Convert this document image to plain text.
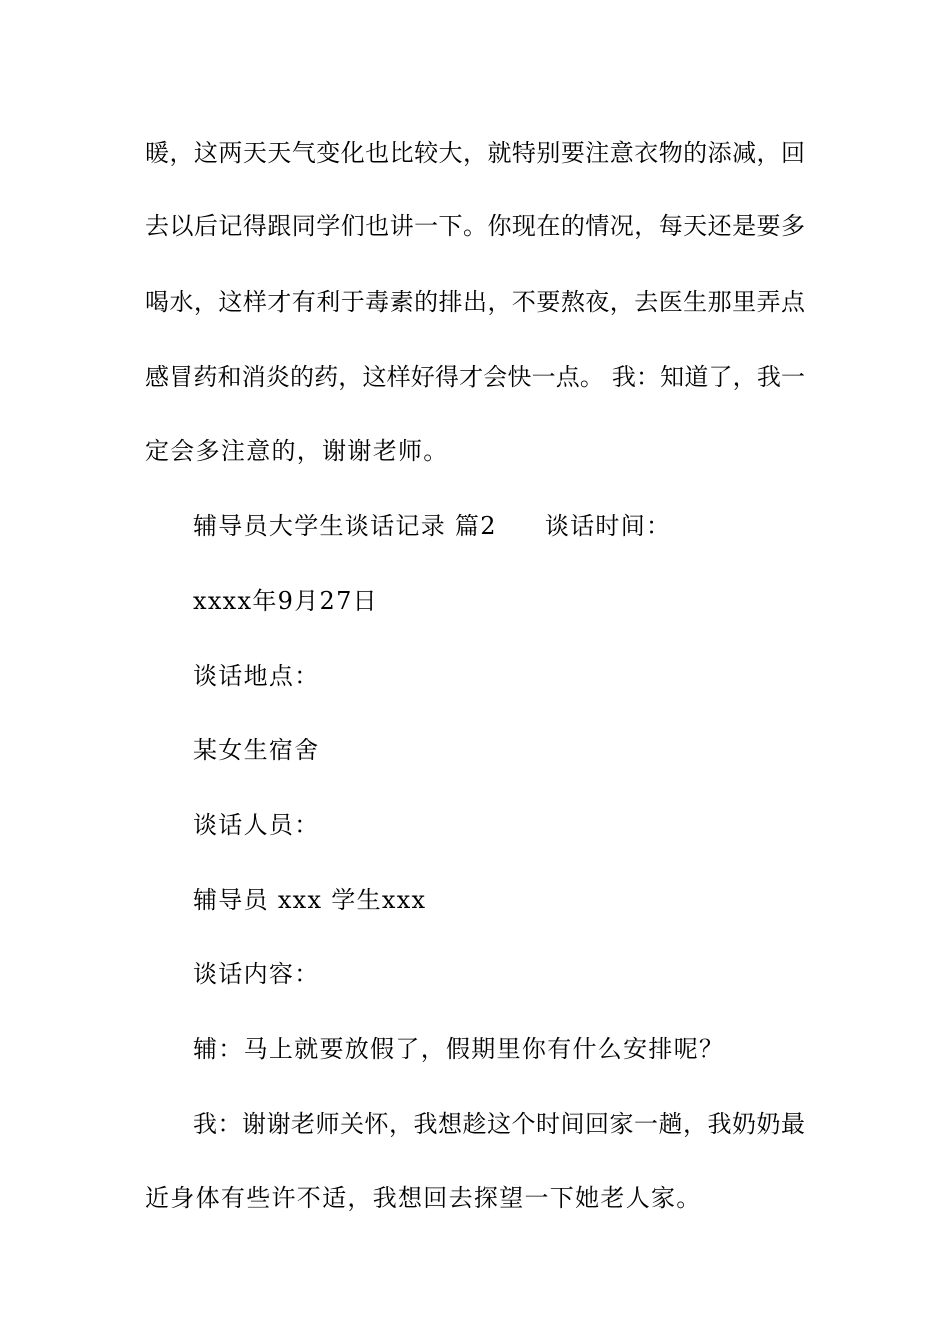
暖，这两天天气变化也比较大，就特别要注意衣物的添减，回
去以后记得跟同学们也讲一下。你现在的情况，每天还是要多
喝水，这样才有利于毒素的排出，不要熬夜，去医生那里弄点
感冒药和消炎的药，这样好得才会快一点。 我：知道了，我一
定会多注意的，谢谢老师。
辅导员大学生谈话记录 篇2 谈话时间：
xxxx年9月27日
谈话地点：
某女生宿舍
谈话人员：
辅导员 xxx 学生xxx
谈话内容：
辅：马上就要放假了，假期里你有什么安排呢？
我：谢谢老师关怀，我想趁这个时间回家一趟，我奶奶最
近身体有些许不适，我想回去探望一下她老人家。
